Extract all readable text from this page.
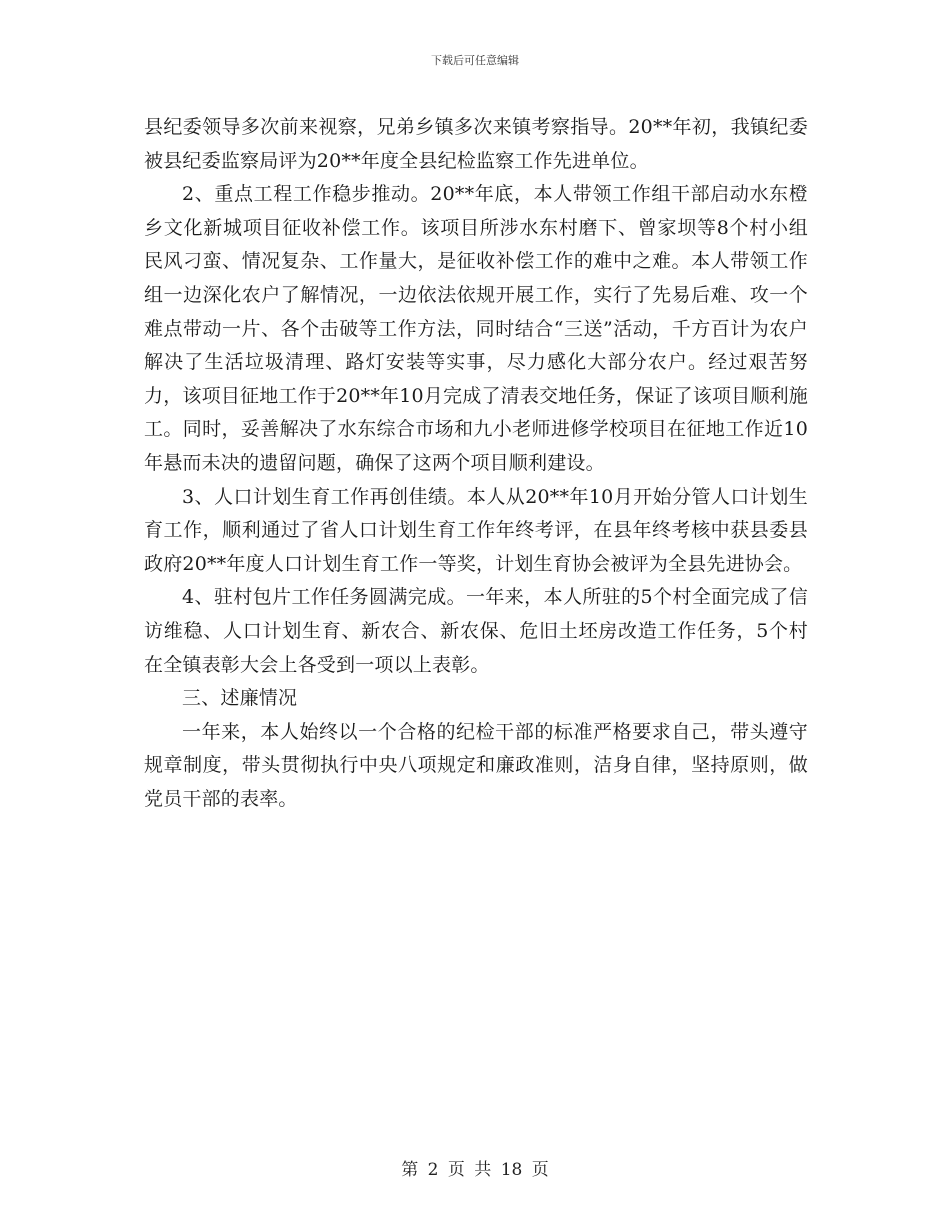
下载后可任意编辑

县纪委领导多次前来视察，兄弟乡镇多次来镇考察指导。20**年初，我镇纪委被县纪委监察局评为20**年度全县纪检监察工作先进单位。

2、重点工程工作稳步推动。20**年底，本人带领工作组干部启动水东橙乡文化新城项目征收补偿工作。该项目所涉水东村磨下、曾家坝等8个村小组民风刁蛮、情况复杂、工作量大，是征收补偿工作的难中之难。本人带领工作组一边深化农户了解情况，一边依法依规开展工作，实行了先易后难、攻一个难点带动一片、各个击破等工作方法，同时结合“三送”活动，千方百计为农户解决了生活垃圾清理、路灯安装等实事，尽力感化大部分农户。经过艰苦努力，该项目征地工作于20**年10月完成了清表交地任务，保证了该项目顺利施工。同时，妥善解决了水东综合市场和九小老师进修学校项目在征地工作近10年悬而未决的遗留问题，确保了这两个项目顺利建设。

3、人口计划生育工作再创佳绩。本人从20**年10月开始分管人口计划生育工作，顺利通过了省人口计划生育工作年终考评，在县年终考核中获县委县政府20**年度人口计划生育工作一等奖，计划生育协会被评为全县先进协会。

4、驻村包片工作任务圆满完成。一年来，本人所驻的5个村全面完成了信访维稳、人口计划生育、新农合、新农保、危旧土坯房改造工作任务，5个村在全镇表彰大会上各受到一项以上表彰。

三、述廉情况

一年来，本人始终以一个合格的纪检干部的标准严格要求自己，带头遵守规章制度，带头贯彻执行中央八项规定和廉政准则，洁身自律，坚持原则，做党员干部的表率。

第 2 页 共 18 页
